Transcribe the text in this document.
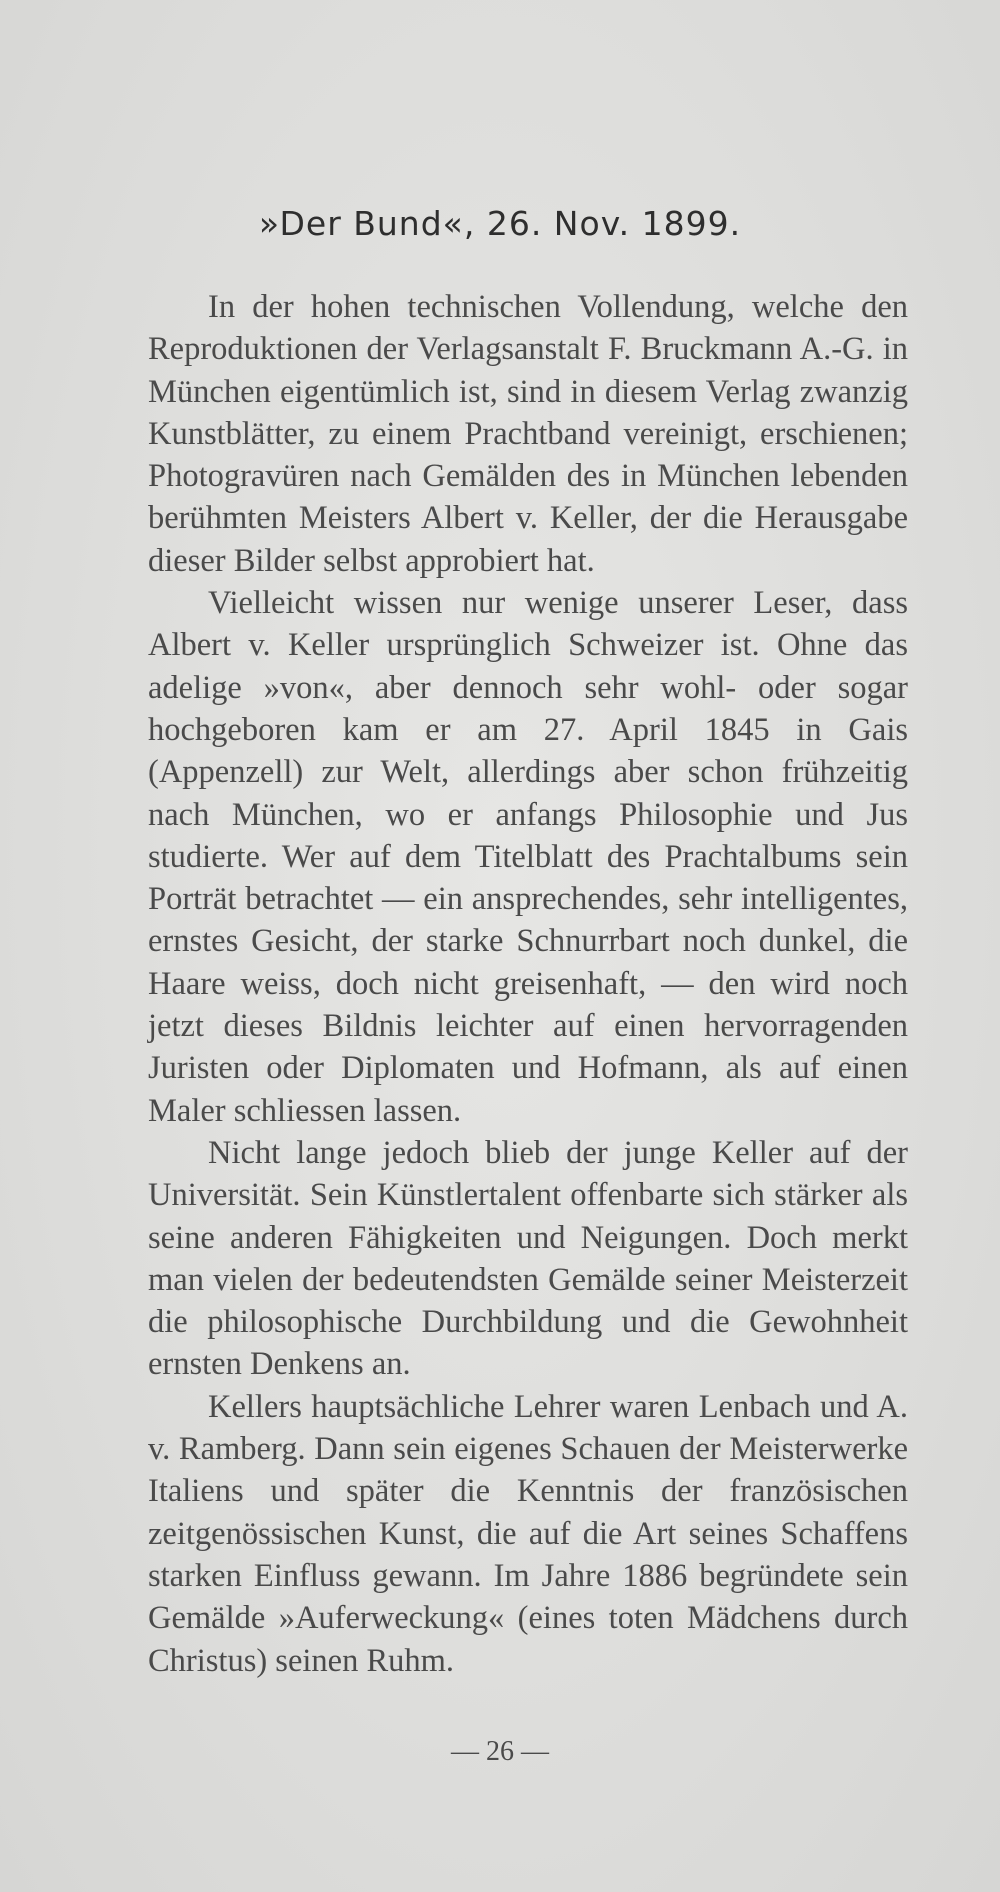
»Der Bund«, 26. Nov. 1899.

In der hohen technischen Vollendung, welche den Reproduktionen der Verlagsanstalt F. Bruckmann A.-G. in München eigentümlich ist, sind in diesem Verlag zwanzig Kunstblätter, zu einem Prachtband vereinigt, erschienen; Photogravüren nach Gemälden des in München lebenden berühmten Meisters Albert v. Keller, der die Herausgabe dieser Bilder selbst approbiert hat.

Vielleicht wissen nur wenige unserer Leser, dass Albert v. Keller ursprünglich Schweizer ist. Ohne das adelige »von«, aber dennoch sehr wohl- oder sogar hochgeboren kam er am 27. April 1845 in Gais (Appenzell) zur Welt, allerdings aber schon frühzeitig nach München, wo er anfangs Philosophie und Jus studierte. Wer auf dem Titelblatt des Prachtalbums sein Porträt betrachtet — ein ansprechendes, sehr intelligentes, ernstes Gesicht, der starke Schnurrbart noch dunkel, die Haare weiss, doch nicht greisenhaft, — den wird noch jetzt dieses Bildnis leichter auf einen hervorragenden Juristen oder Diplomaten und Hofmann, als auf einen Maler schliessen lassen.

Nicht lange jedoch blieb der junge Keller auf der Universität. Sein Künstlertalent offenbarte sich stärker als seine anderen Fähigkeiten und Neigungen. Doch merkt man vielen der bedeutendsten Gemälde seiner Meisterzeit die philosophische Durchbildung und die Gewohnheit ernsten Denkens an.

Kellers hauptsächliche Lehrer waren Lenbach und A. v. Ramberg. Dann sein eigenes Schauen der Meisterwerke Italiens und später die Kenntnis der französischen zeitgenössischen Kunst, die auf die Art seines Schaffens starken Einfluss gewann. Im Jahre 1886 begründete sein Gemälde »Auferweckung« (eines toten Mädchens durch Christus) seinen Ruhm.

— 26 —
